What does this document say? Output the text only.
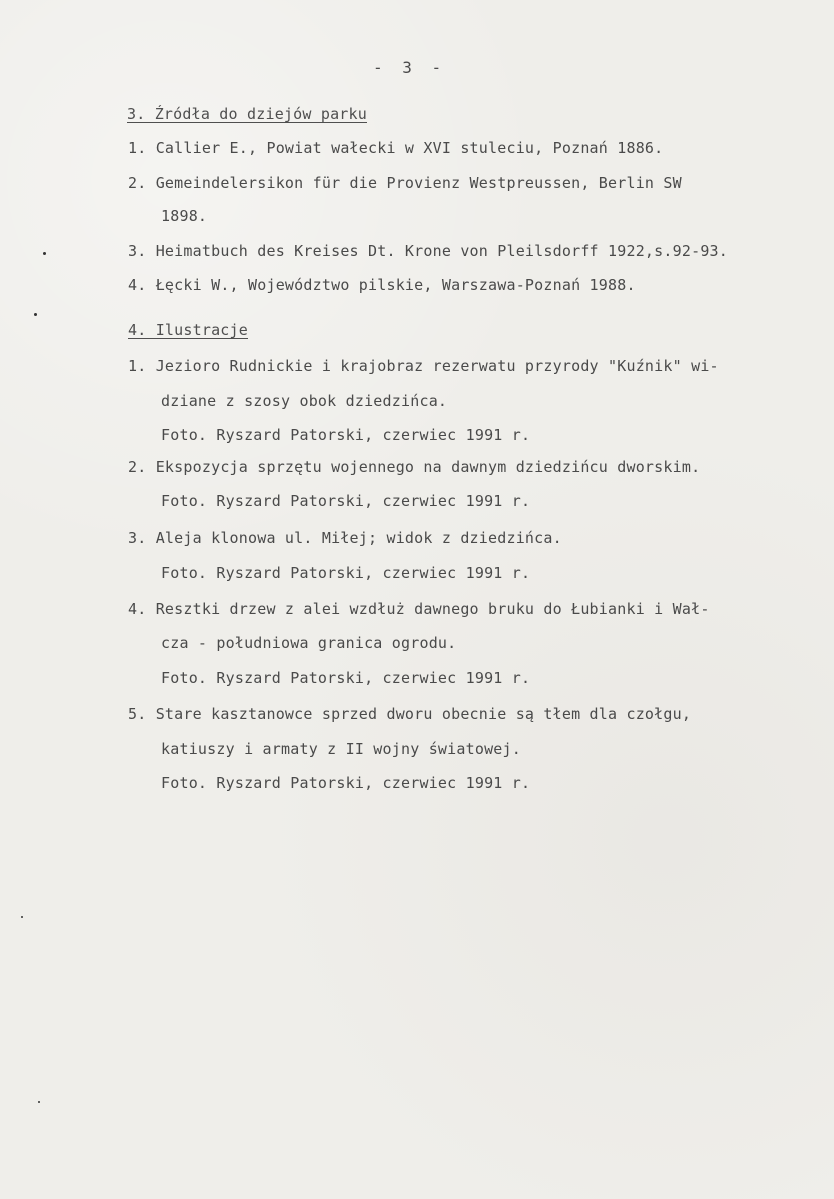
- 3 -
3. Źródła do dziejów parku
1. Callier E., Powiat wałecki w XVI stuleciu, Poznań 1886.
2. Gemeindelersikon für die Provienz Westpreussen, Berlin SW
1898.
3. Heimatbuch des Kreises Dt. Krone von Pleilsdorff 1922,s.92-93.
4. Łęcki W., Województwo pilskie, Warszawa-Poznań 1988.
4. Ilustracje
1. Jezioro Rudnickie i krajobraz rezerwatu przyrody "Kuźnik" wi-
dziane z szosy obok dziedzińca.
Foto. Ryszard Patorski, czerwiec 1991 r.
2. Ekspozycja sprzętu wojennego na dawnym dziedzińcu dworskim.
Foto. Ryszard Patorski, czerwiec 1991 r.
3. Aleja klonowa ul. Miłej; widok z dziedzińca.
Foto. Ryszard Patorski, czerwiec 1991 r.
4. Resztki drzew z alei wzdłuż dawnego bruku do Łubianki i Wał-
cza - południowa granica ogrodu.
Foto. Ryszard Patorski, czerwiec 1991 r.
5. Stare kasztanowce sprzed dworu obecnie są tłem dla czołgu,
katiuszy i armaty z II wojny światowej.
Foto. Ryszard Patorski, czerwiec 1991 r.
